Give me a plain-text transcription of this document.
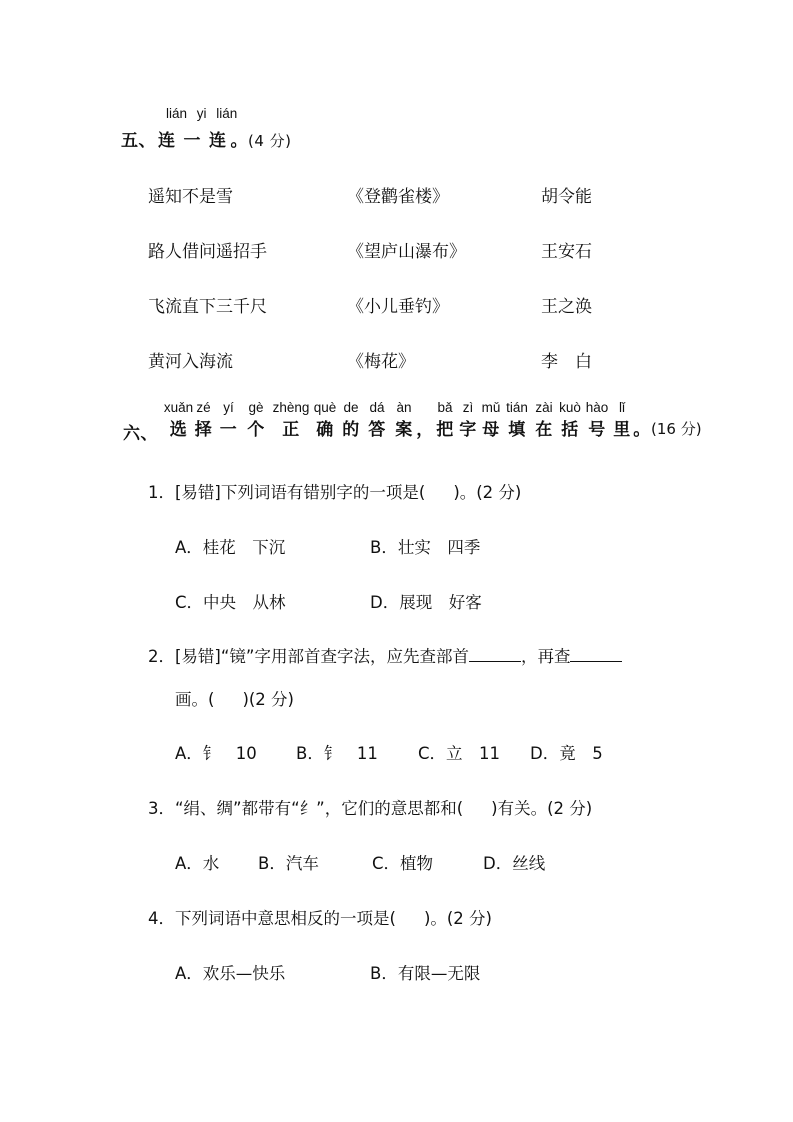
lián yi lián
五、 连 一 连 。(4 分)
遥知不是雪	《登鹳雀楼》	胡令能
路人借问遥招手	《望庐山瀑布》	王安石
飞流直下三千尺	《小儿垂钓》	王之涣
黄河入海流	《梅花》	李　白
六、
xuǎn
选
zé
择
yí
一
gè
个
zhèng
正
què
确
de
的
dá
答
àn
案 ，
bǎ
把
zì
字
mǔ
母
tián
填
zài
在
kuò
括
hào
号
lǐ
里 。 (16 分)
1．[易错]下列词语有错别字的一项是( )。(2 分)
A．桂花　下沉	B．壮实　四季
C．中央　从林	D．展现　好客
2．[易错]“镜”字用部首查字法，应先查部首	，再查
画。( )(2 分)
A．钅　10 B．钅　11 C．立　11 D．竟　5
3．“绢、绸”都带有“纟”，它们的意思都和( )有关。(2 分)
A．水 B．汽车	C．植物	D．丝线
4．下列词语中意思相反的一项是( )。(2 分)
A．欢乐—快乐	B．有限—无限
